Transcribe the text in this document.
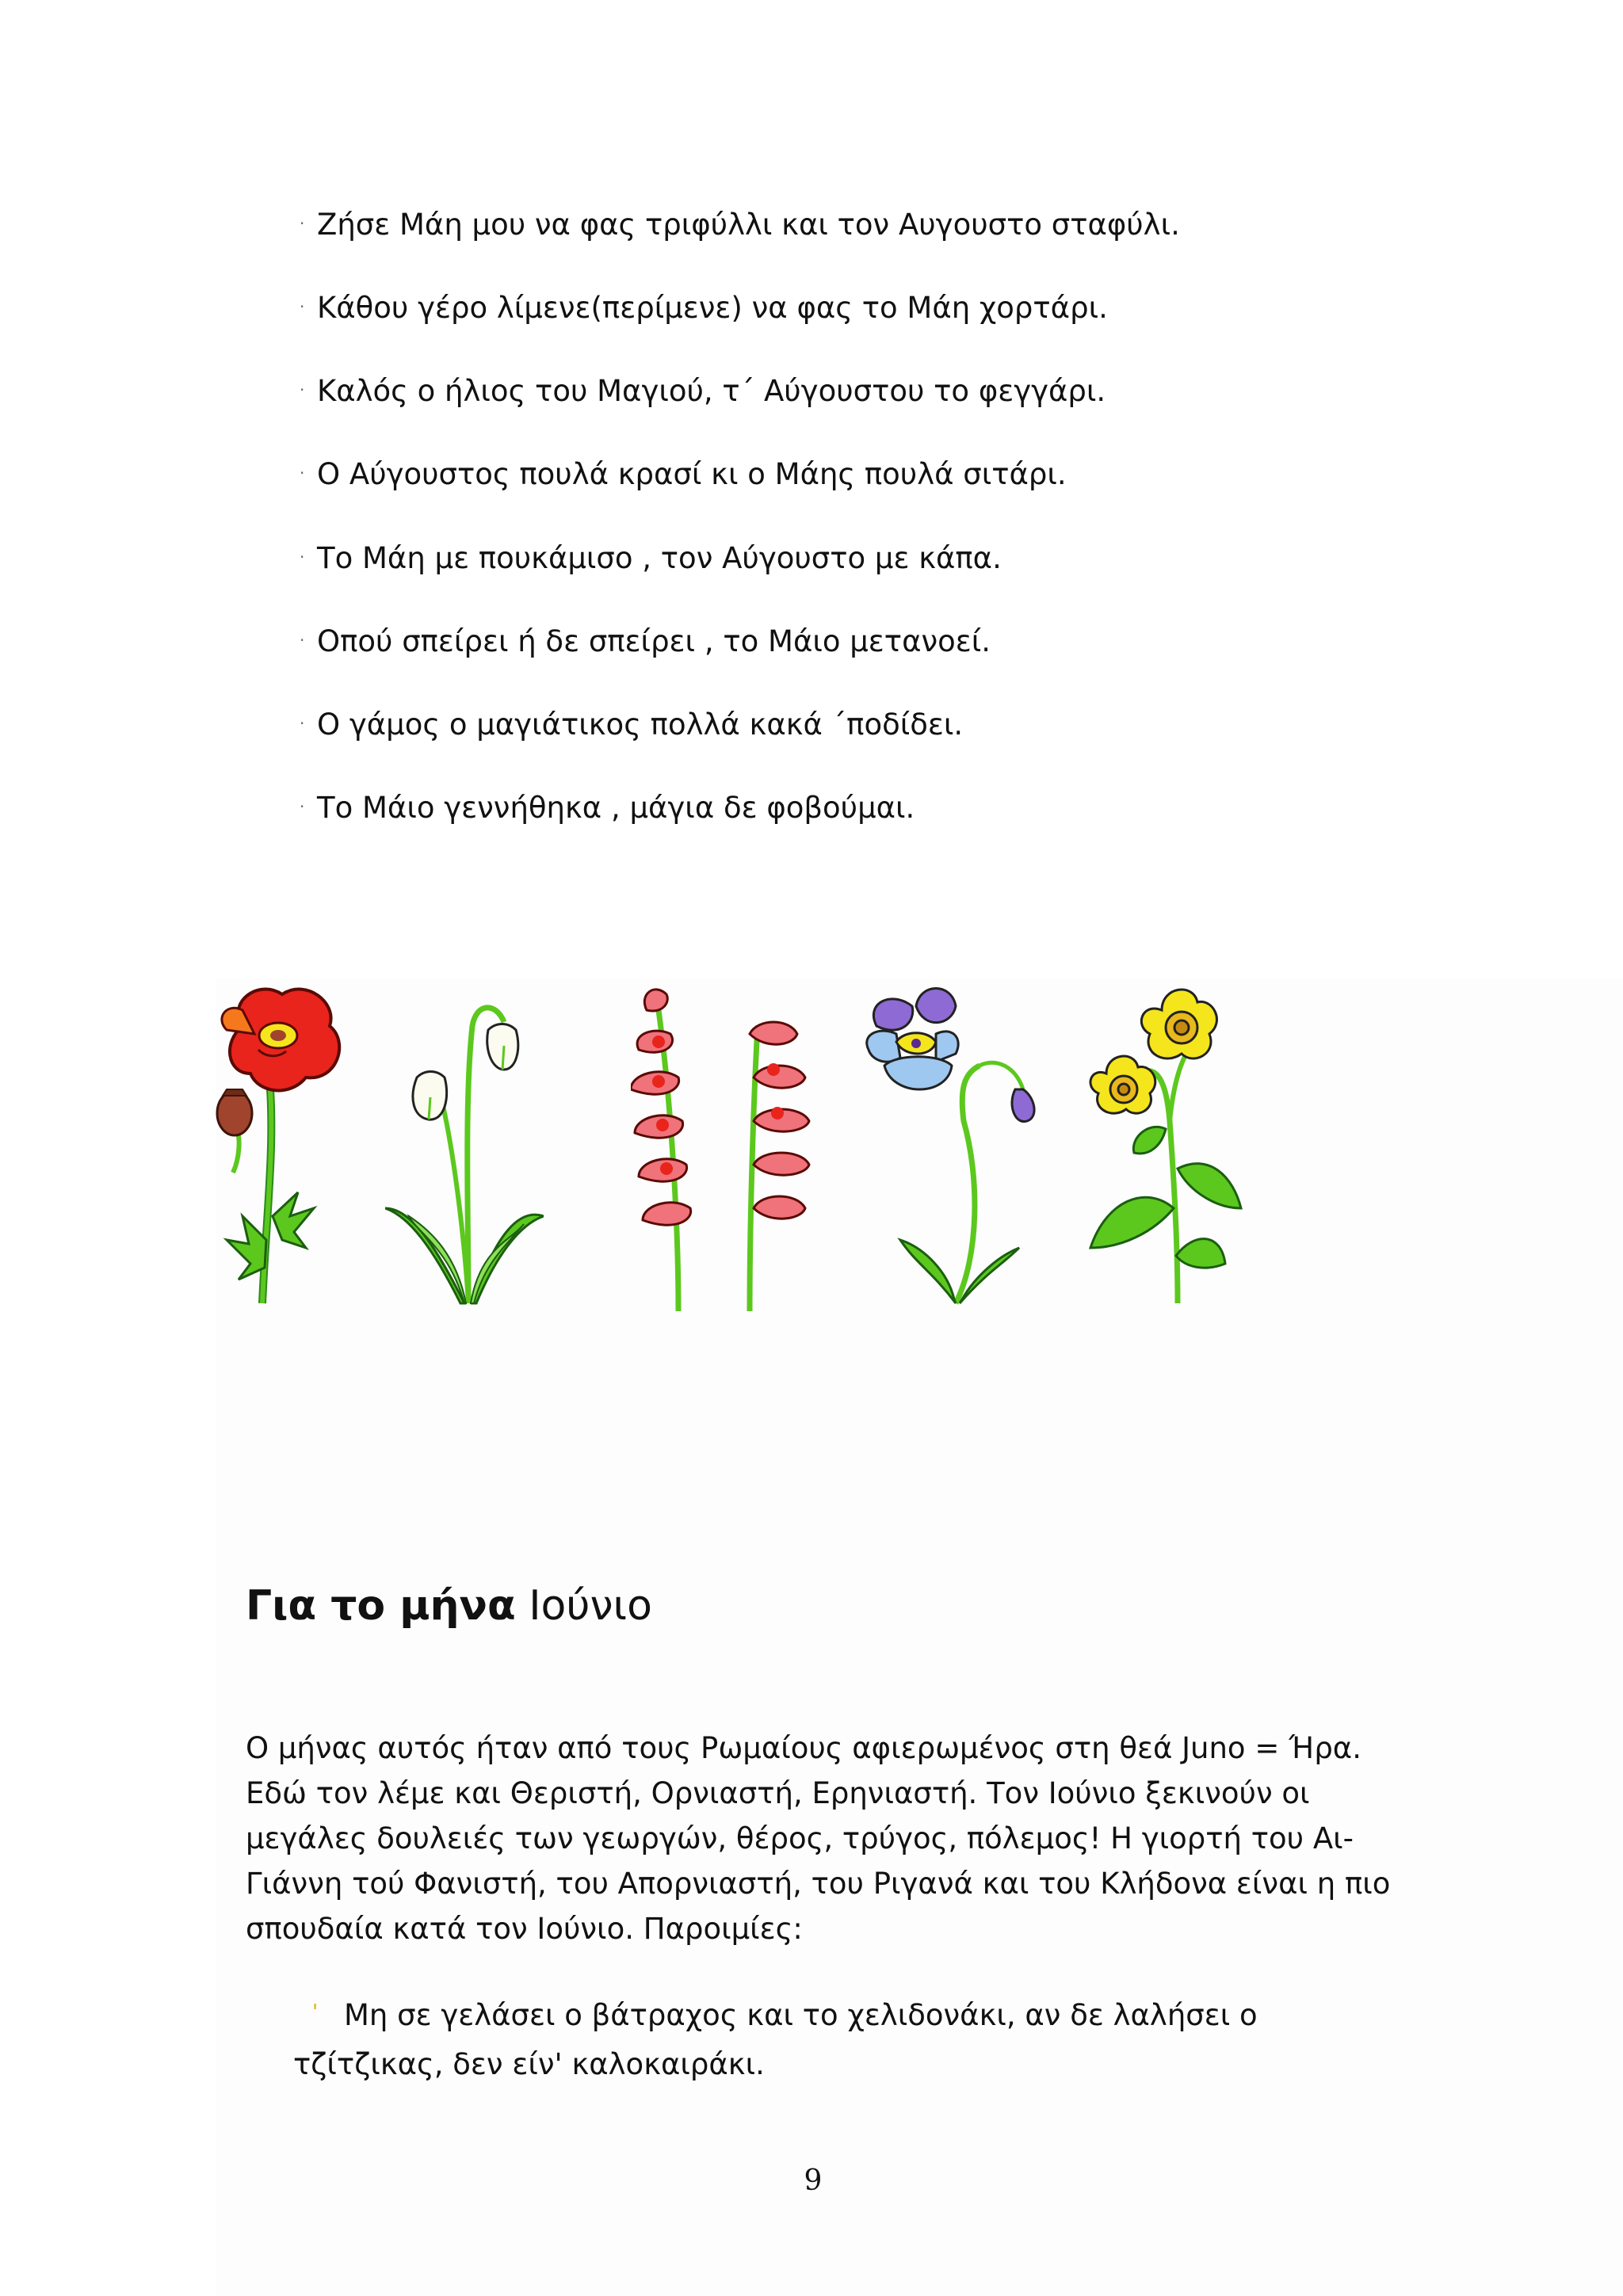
· Ζήσε Μάη μου να φας τριφύλλι και τον Αυγουστο σταφύλι.
· Κάθου γέρο λίμενε(περίμενε) να φας το Μάη χορτάρι.
· Καλός ο ήλιος του Μαγιού, τ΄ Αύγουστου το φεγγάρι.
· Ο Αύγουστος πουλά κρασί κι ο Μάης πουλά σιτάρι.
· Το Μάη με πουκάμισο , τον Αύγουστο με κάπα.
· Οπού σπείρει ή δε σπείρει , το Μάιο μετανοεί.
· Ο γάμος ο μαγιάτικος πολλά κακά ΄ποδίδει.
· Το Μάιο γεννήθηκα , μάγια δε φοβούμαι.
Για το μήνα Ιούνιο
Ο μήνας αυτός ήταν από τους Ρωμαίους αφιερωμένος στη θεά Juno = Ήρα.
Εδώ τον λέμε και Θεριστή, Ορνιαστή, Ερηνιαστή. Τον Ιούνιο ξεκινούν οι
μεγάλες δουλειές των γεωργών, θέρος, τρύγος, πόλεμος! Η γιορτή του Αι-
Γιάννη τού Φανιστή, του Απορνιαστή, του Ριγανά και του Κλήδονα είναι η πιο
σπουδαία κατά τον Ιούνιο. Παροιμίες:
' Μη σε γελάσει ο βάτραχος και το χελιδονάκι, αν δε λαλήσει ο
τζίτζικας, δεν είν' καλοκαιράκι.
9
